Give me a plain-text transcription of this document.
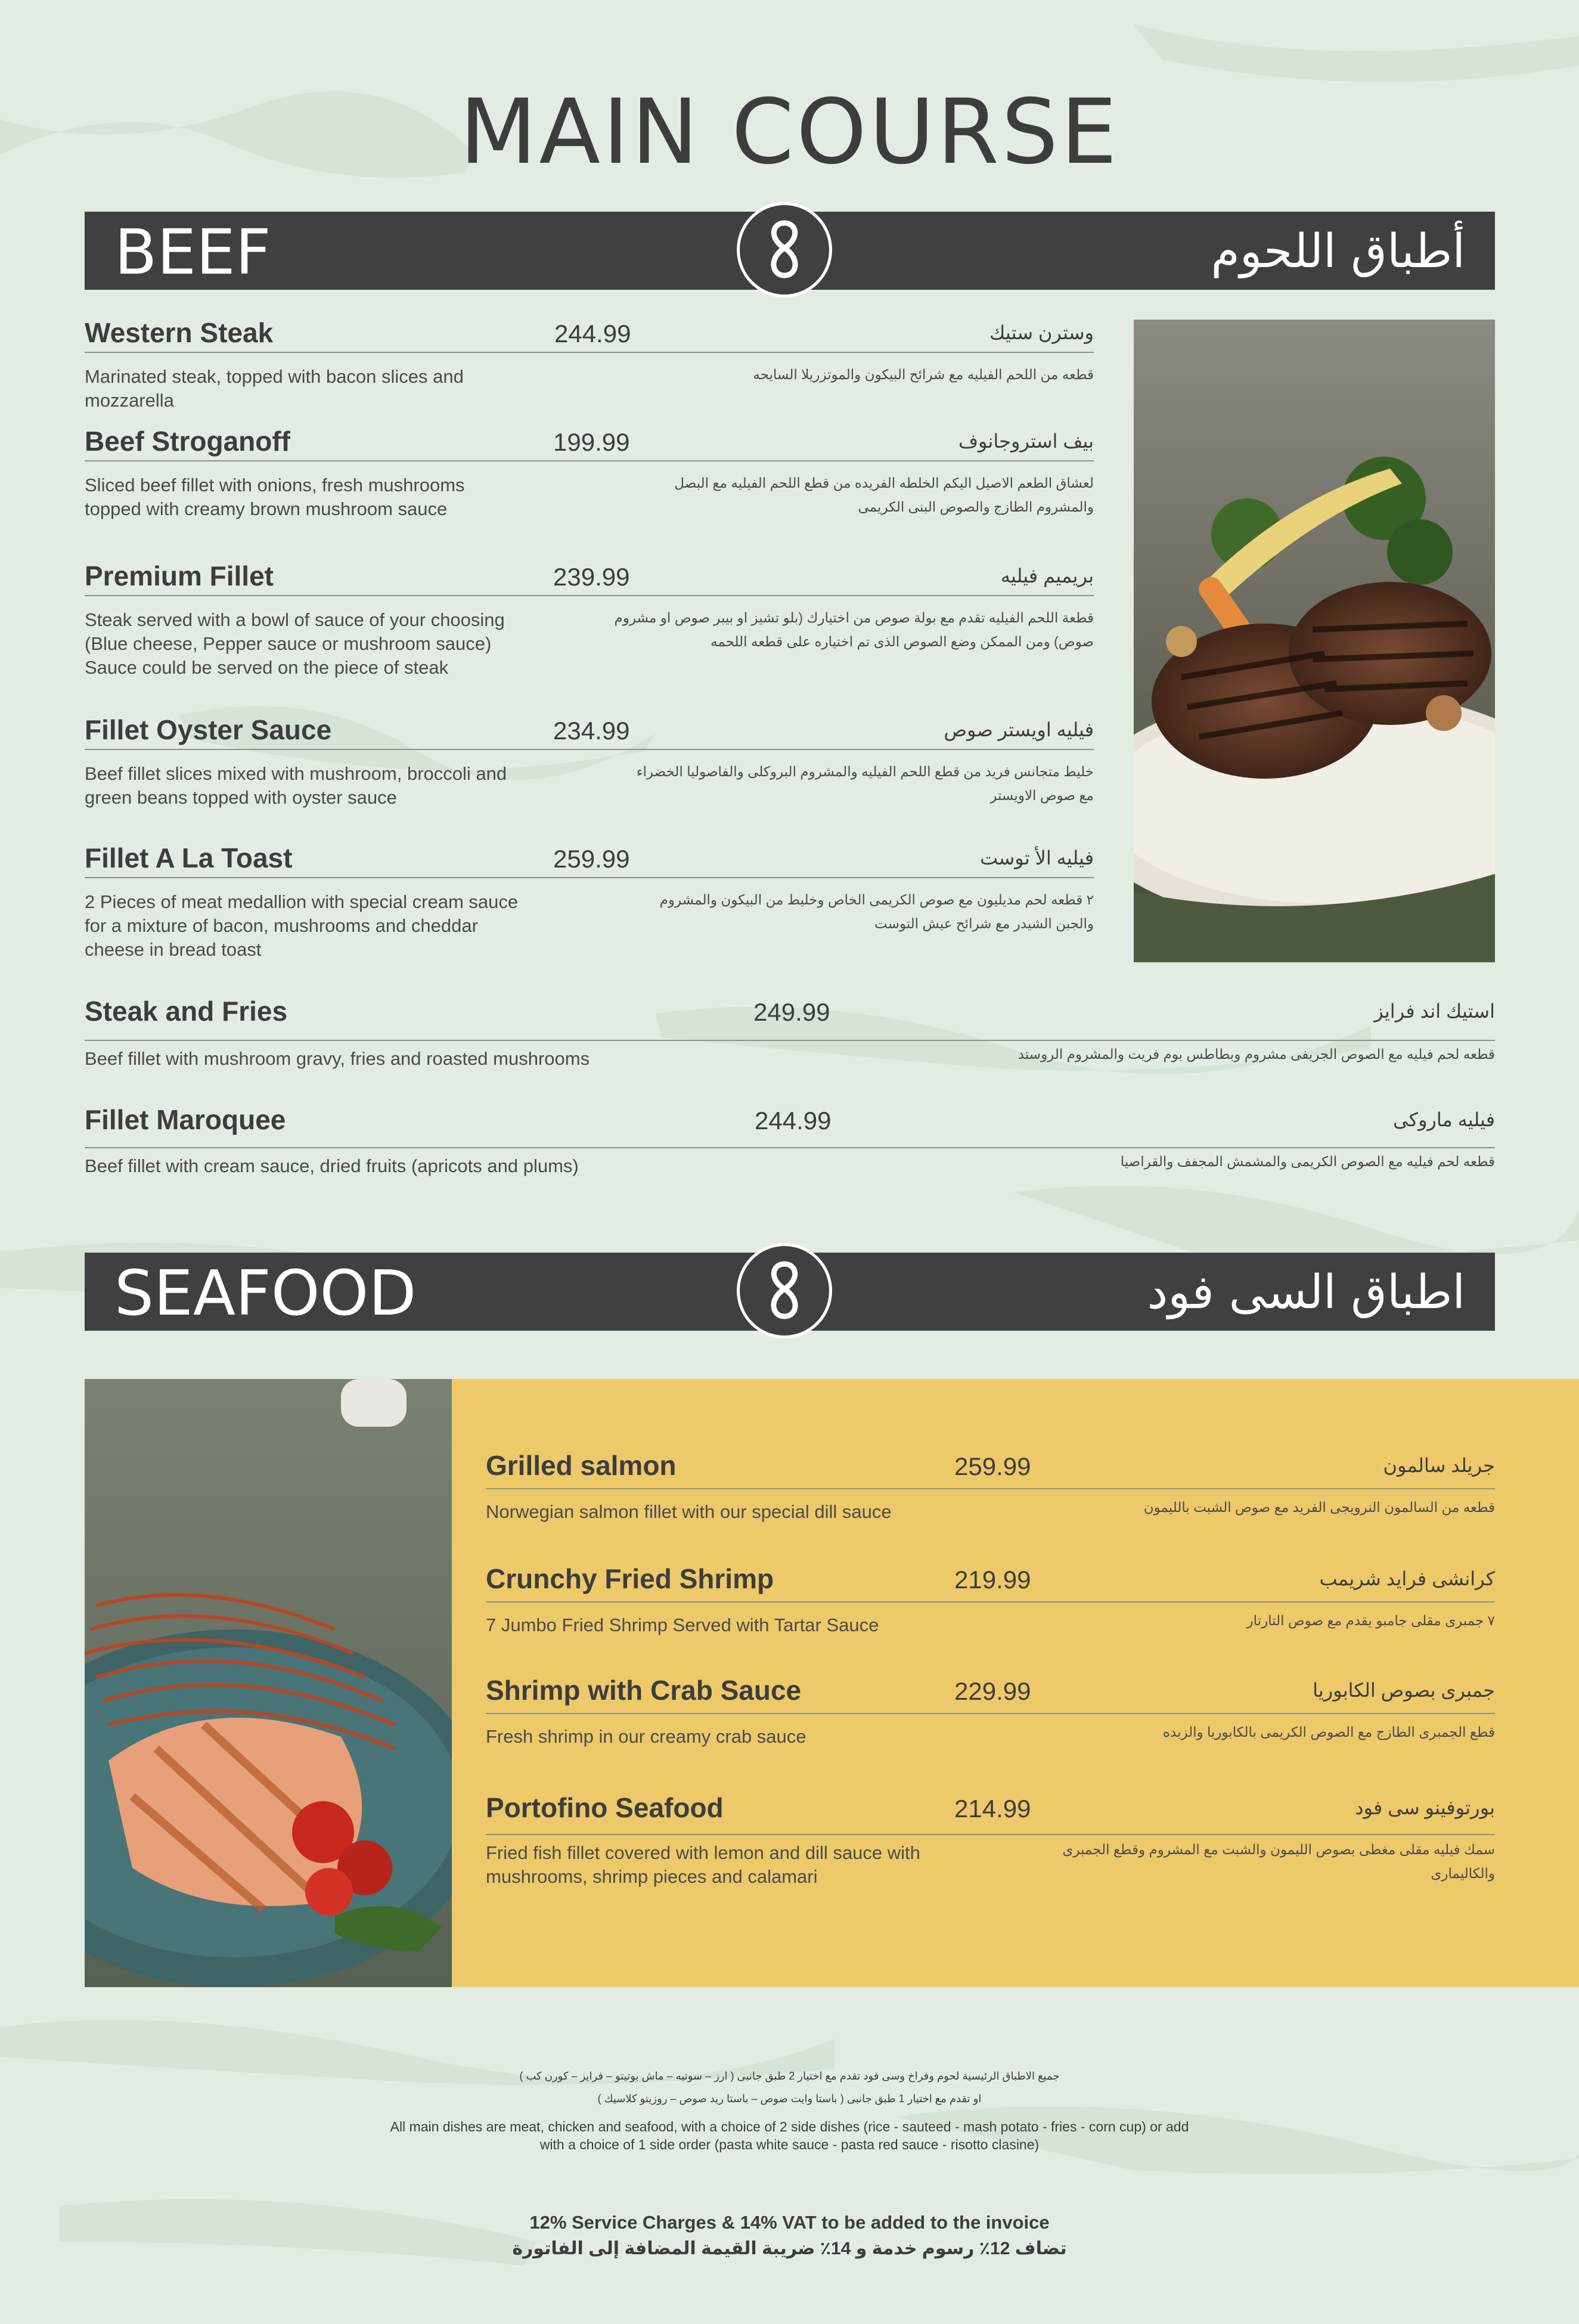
MAIN COURSE
BEEF	أطباق اللحوم
Western Steak	244.99	وسترن ستيك
Marinated steak, topped with bacon slices and mozzarella
قطعه من اللحم الفيليه مع شرائح البيكون والموتزريلا السايحه
Beef Stroganoff	199.99	بيف استروجانوف
Sliced beef fillet with onions, fresh mushrooms topped with creamy brown mushroom sauce
لعشاق الطعم الاصيل اليكم الخلطه الفريده من قطع اللحم الفيليه مع البصل والمشروم الطازج والصوص البنى الكريمى
Premium Fillet	239.99	بريميم فيليه
Steak served with a bowl of sauce of your choosing (Blue cheese, Pepper sauce or mushroom sauce) Sauce could be served on the piece of steak
قطعة اللحم الفيليه تقدم مع بولة صوص من اختيارك (بلو تشيز او بيبر صوص او مشروم صوص) ومن الممكن وضع الصوص الذى تم اختياره على قطعه اللحمه
Fillet Oyster Sauce	234.99	فيليه اويستر صوص
Beef fillet slices mixed with mushroom, broccoli and green beans topped with oyster sauce
خليط متجانس فريد من قطع اللحم الفيليه والمشروم البروكلى والفاصوليا الخضراء مع صوص الاويستر
Fillet A La Toast	259.99	فيليه الأ توست
2 Pieces of meat medallion with special cream sauce for a mixture of bacon, mushrooms and cheddar cheese in bread toast
٢ قطعه لحم مديليون مع صوص الكريمى الخاص وخليط من البيكون والمشروم والجبن الشيدر مع شرائح عيش التوست
Steak and Fries	249.99	استيك اند فرايز
Beef fillet with mushroom gravy, fries and roasted mushrooms	قطعه لحم فيليه مع الصوص الجريفى مشروم وبطاطس بوم فريت والمشروم الروستد
Fillet Maroquee	244.99	فيليه ماروكى
Beef fillet with cream sauce, dried fruits (apricots and plums)	قطعه لحم فيليه مع الصوص الكريمى والمشمش المجفف والقراصيا
SEAFOOD	اطباق السى فود
Grilled salmon	259.99	جريلد سالمون
Norwegian salmon fillet with our special dill sauce	قطعه من السالمون النرويجى الفريد مع صوص الشبت بالليمون
Crunchy Fried Shrimp	219.99	كرانشى فرايد شريمب
7 Jumbo Fried Shrimp Served with Tartar Sauce	٧ جمبرى مقلى جامبو يقدم مع صوص التارتار
Shrimp with Crab Sauce	229.99	جمبرى بصوص الكابوريا
Fresh shrimp in our creamy crab sauce	قطع الجمبرى الطازج مع الصوص الكريمى بالكابوريا والزبده
Portofino Seafood	214.99	بورتوفينو سى فود
Fried fish fillet covered with lemon and dill sauce with mushrooms, shrimp pieces and calamari
سمك فيليه مقلى مغطى بصوص الليمون والشبت مع المشروم وقطع الجمبرى والكاليمارى
جميع الاطباق الرئيسية لحوم وفراخ وسى فود تقدم مع اختيار 2 طبق جانبى ( ارز – سوتيه – ماش بوتيتو – فرايز – كورن كب )
او تقدم مع اختيار 1 طبق جانبى ( باستا وايت صوص – باستا ريد صوص – روزيتو كلاسيك )
All main dishes are meat, chicken and seafood, with a choice of 2 side dishes (rice - sauteed - mash potato - fries - corn cup) or add
with a choice of 1 side order (pasta white sauce - pasta red sauce - risotto clasine)
12% Service Charges & 14% VAT to be added to the invoice
تضاف 12٪ رسوم خدمة و 14٪ ضريبة القيمة المضافة إلى الفاتورة
